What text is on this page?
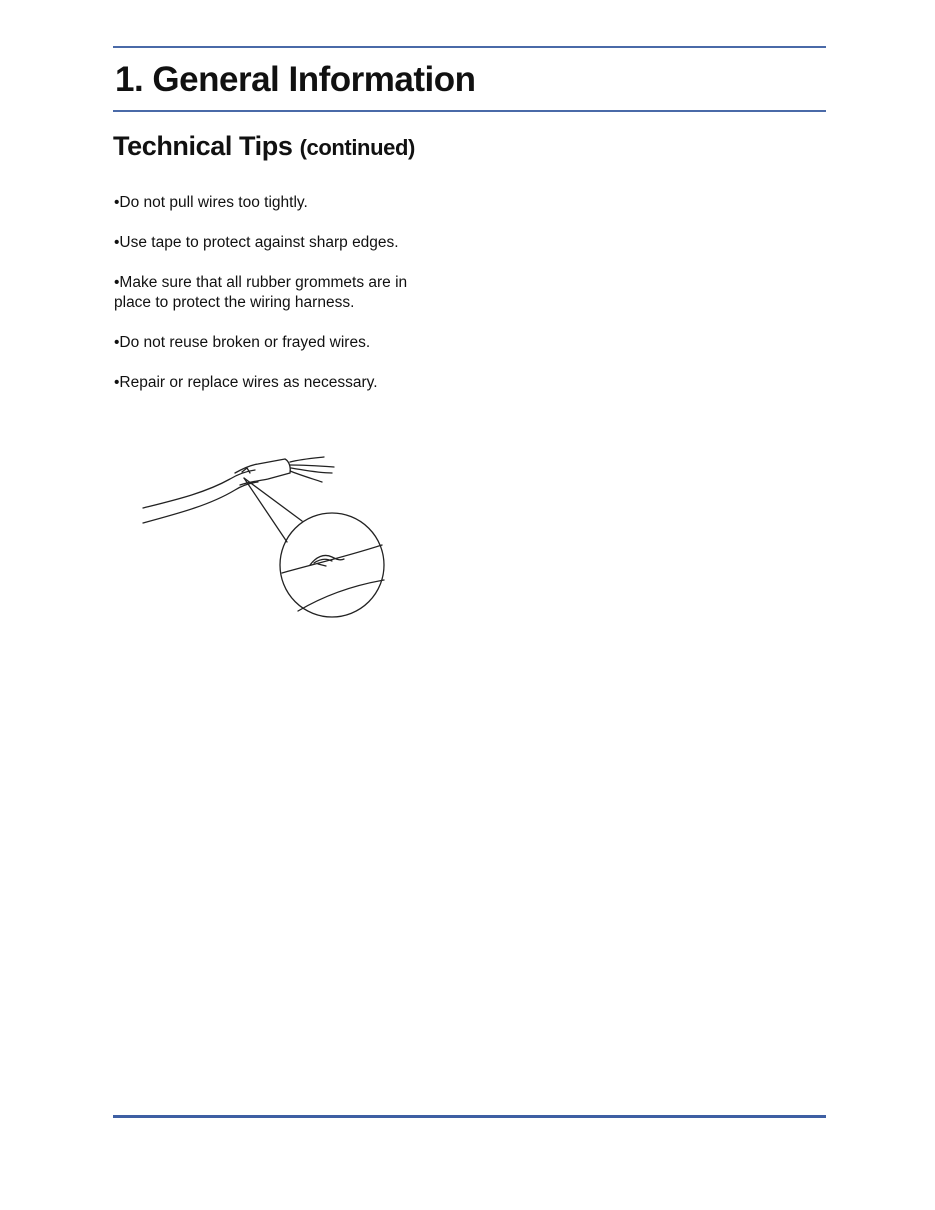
1. General Information
Technical Tips (continued)
•Do not pull wires too tightly.
•Use tape to protect against sharp edges.
•Make sure that all rubber grommets are in place to protect the wiring harness.
•Do not reuse broken or frayed wires.
•Repair or replace wires as necessary.
